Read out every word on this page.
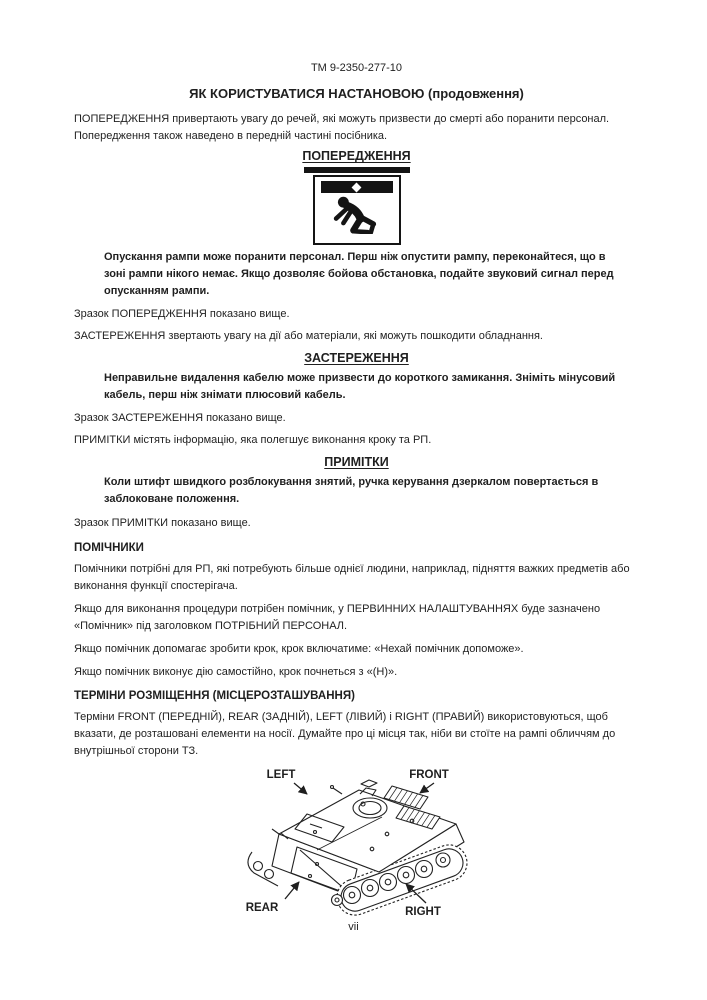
TM 9-2350-277-10
ЯК КОРИСТУВАТИСЯ НАСТАНОВОЮ (продовження)

ПОПЕРЕДЖЕННЯ привертають увагу до речей, які можуть призвести до смерті або поранити персонал. Попередження також наведено в передній частині посібника.

ПОПЕРЕДЖЕННЯ

Опускання рампи може поранити персонал. Перш ніж опустити рампу, переконайтеся, що в зоні рампи нікого немає. Якщо дозволяє бойова обстановка, подайте звуковий сигнал перед опусканням рампи.

Зразок ПОПЕРЕДЖЕННЯ показано вище.

ЗАСТЕРЕЖЕННЯ звертають увагу на дії або матеріали, які можуть пошкодити обладнання.

ЗАСТЕРЕЖЕННЯ

Неправильне видалення кабелю може призвести до короткого замикання. Зніміть мінусовий кабель, перш ніж знімати плюсовий кабель.

Зразок ЗАСТЕРЕЖЕННЯ показано вище.

ПРИМІТКИ містять інформацію, яка полегшує виконання кроку та РП.

ПРИМІТКИ

Коли штифт швидкого розблокування знятий, ручка керування дзеркалом повертається в заблоковане положення.

Зразок ПРИМІТКИ показано вище.

ПОМІЧНИКИ

Помічники потрібні для РП, які потребують більше однієї людини, наприклад, підняття важких предметів або виконання функції спостерігача.

Якщо для виконання процедури потрібен помічник, у ПЕРВИННИХ НАЛАШТУВАННЯХ буде зазначено «Помічник» під заголовком ПОТРІБНИЙ ПЕРСОНАЛ.

Якщо помічник допомагає зробити крок, крок включатиме: «Нехай помічник допоможе».

Якщо помічник виконує дію самостійно, крок почнеться з «(Н)».

ТЕРМІНИ РОЗМІЩЕННЯ (МІСЦЕРОЗТАШУВАННЯ)

Терміни FRONT (ПЕРЕДНІЙ), REAR (ЗАДНІЙ), LEFT (ЛІВИЙ) і RIGHT (ПРАВИЙ) використовуються, щоб вказати, де розташовані елементи на носії. Думайте про ці місця так, ніби ви стоїте на рампі обличчям до внутрішньої сторони ТЗ.

LEFT	FRONT
REAR	RIGHT
vii
